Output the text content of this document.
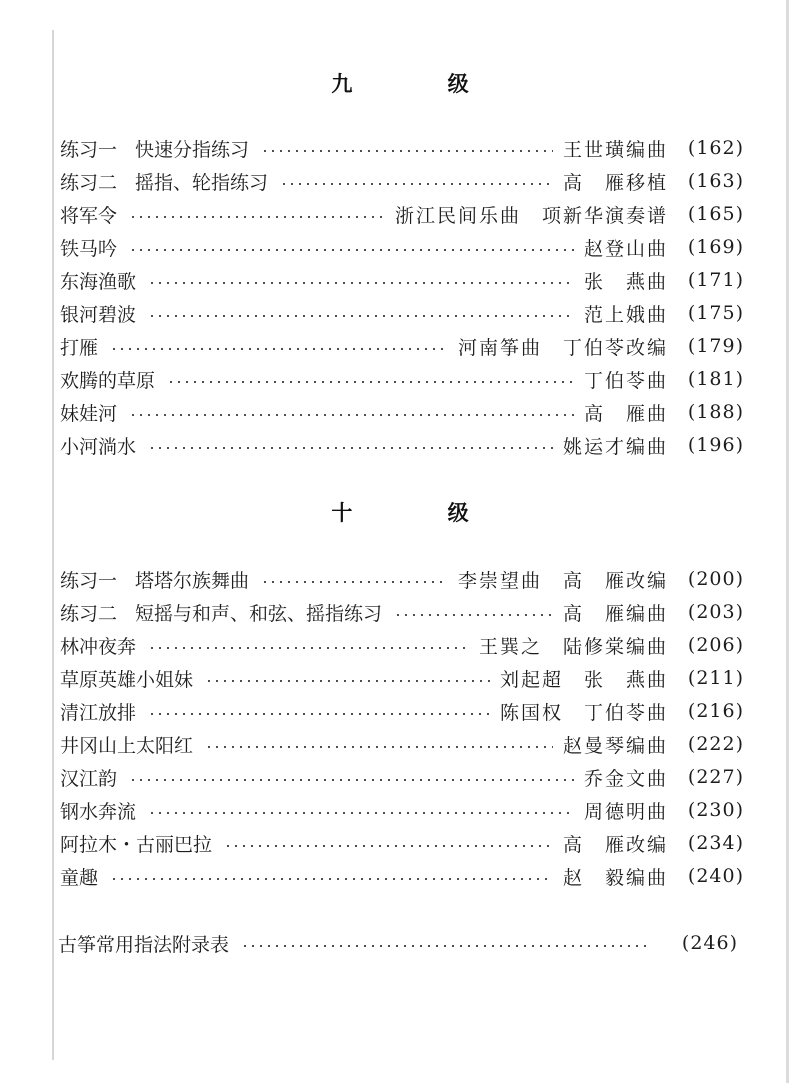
九 级
练习一 快速分指练习	王世璜编曲	(162)
练习二 摇指、轮指练习	高　雁移植	(163)
将军令	浙江民间乐曲　项新华演奏谱	(165)
铁马吟	赵登山曲	(169)
东海渔歌	张　燕曲	(171)
银河碧波	范上娥曲	(175)
打雁	河南筝曲　丁伯苓改编	(179)
欢腾的草原	丁伯苓曲	(181)
妹娃河	高　雁曲	(188)
小河淌水	姚运才编曲	(196)
十 级
练习一 塔塔尔族舞曲	李崇望曲　高　雁改编	(200)
练习二 短摇与和声、和弦、摇指练习	高　雁编曲	(203)
林冲夜奔	王巽之　陆修棠编曲	(206)
草原英雄小姐妹	刘起超　张　燕曲	(211)
清江放排	陈国权　丁伯苓曲	(216)
井冈山上太阳红	赵曼琴编曲	(222)
汉江韵	乔金文曲	(227)
钢水奔流	周德明曲	(230)
阿拉木・古丽巴拉	高　雁改编	(234)
童趣	赵　毅编曲	(240)
古筝常用指法附录表	(246)
